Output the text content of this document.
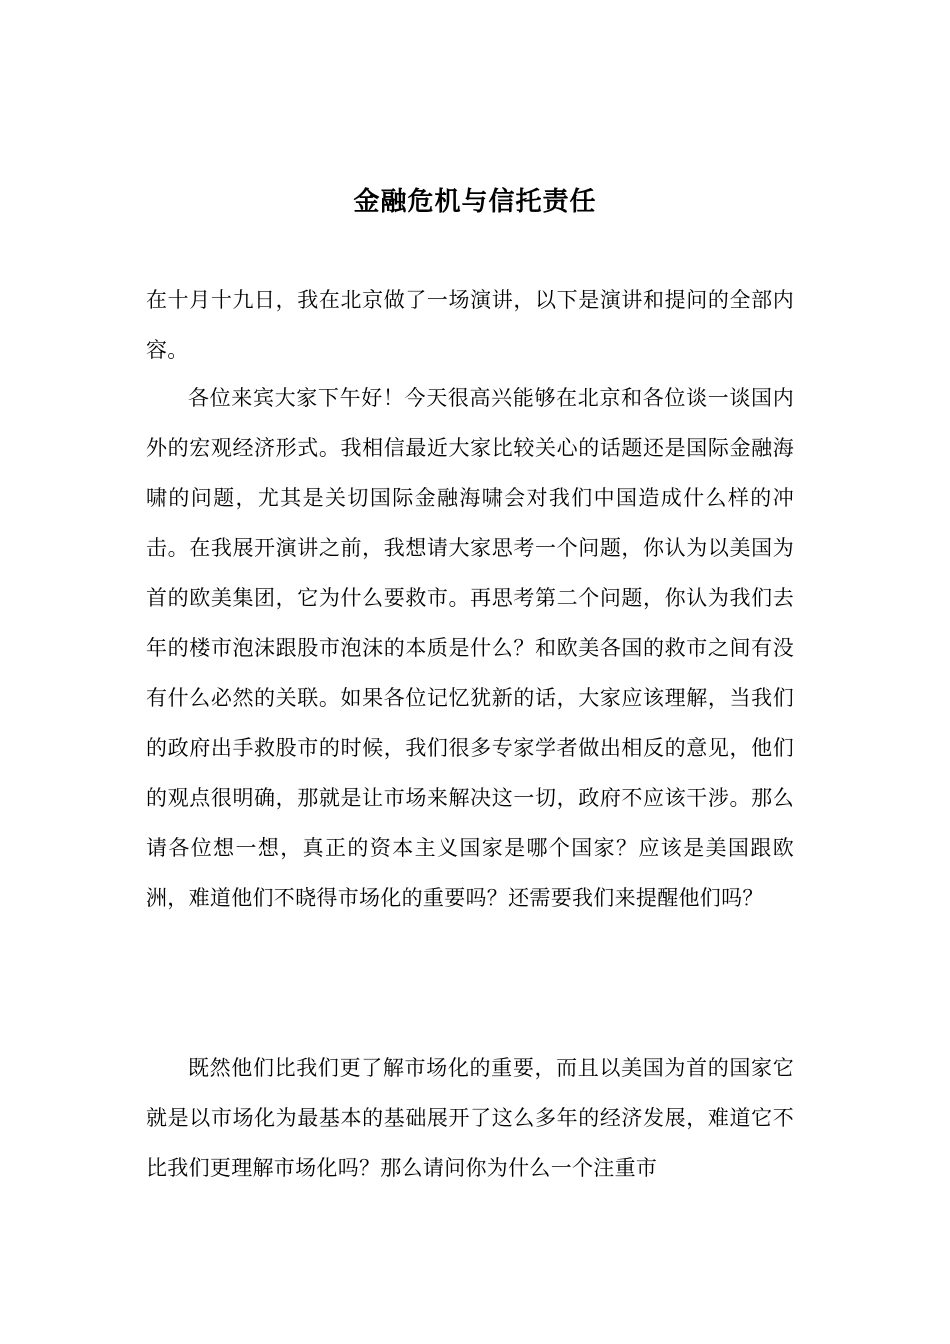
金融危机与信托责任

在十月十九日，我在北京做了一场演讲，以下是演讲和提问的全部内容。

各位来宾大家下午好！今天很高兴能够在北京和各位谈一谈国内外的宏观经济形式。我相信最近大家比较关心的话题还是国际金融海啸的问题，尤其是关切国际金融海啸会对我们中国造成什么样的冲击。在我展开演讲之前，我想请大家思考一个问题，你认为以美国为首的欧美集团，它为什么要救市。再思考第二个问题，你认为我们去年的楼市泡沫跟股市泡沫的本质是什么？和欧美各国的救市之间有没有什么必然的关联。如果各位记忆犹新的话，大家应该理解，当我们的政府出手救股市的时候，我们很多专家学者做出相反的意见，他们的观点很明确，那就是让市场来解决这一切，政府不应该干涉。那么请各位想一想，真正的资本主义国家是哪个国家？应该是美国跟欧洲，难道他们不晓得市场化的重要吗？还需要我们来提醒他们吗？

既然他们比我们更了解市场化的重要，而且以美国为首的国家它就是以市场化为最基本的基础展开了这么多年的经济发展，难道它不比我们更理解市场化吗？那么请问你为什么一个注重市
